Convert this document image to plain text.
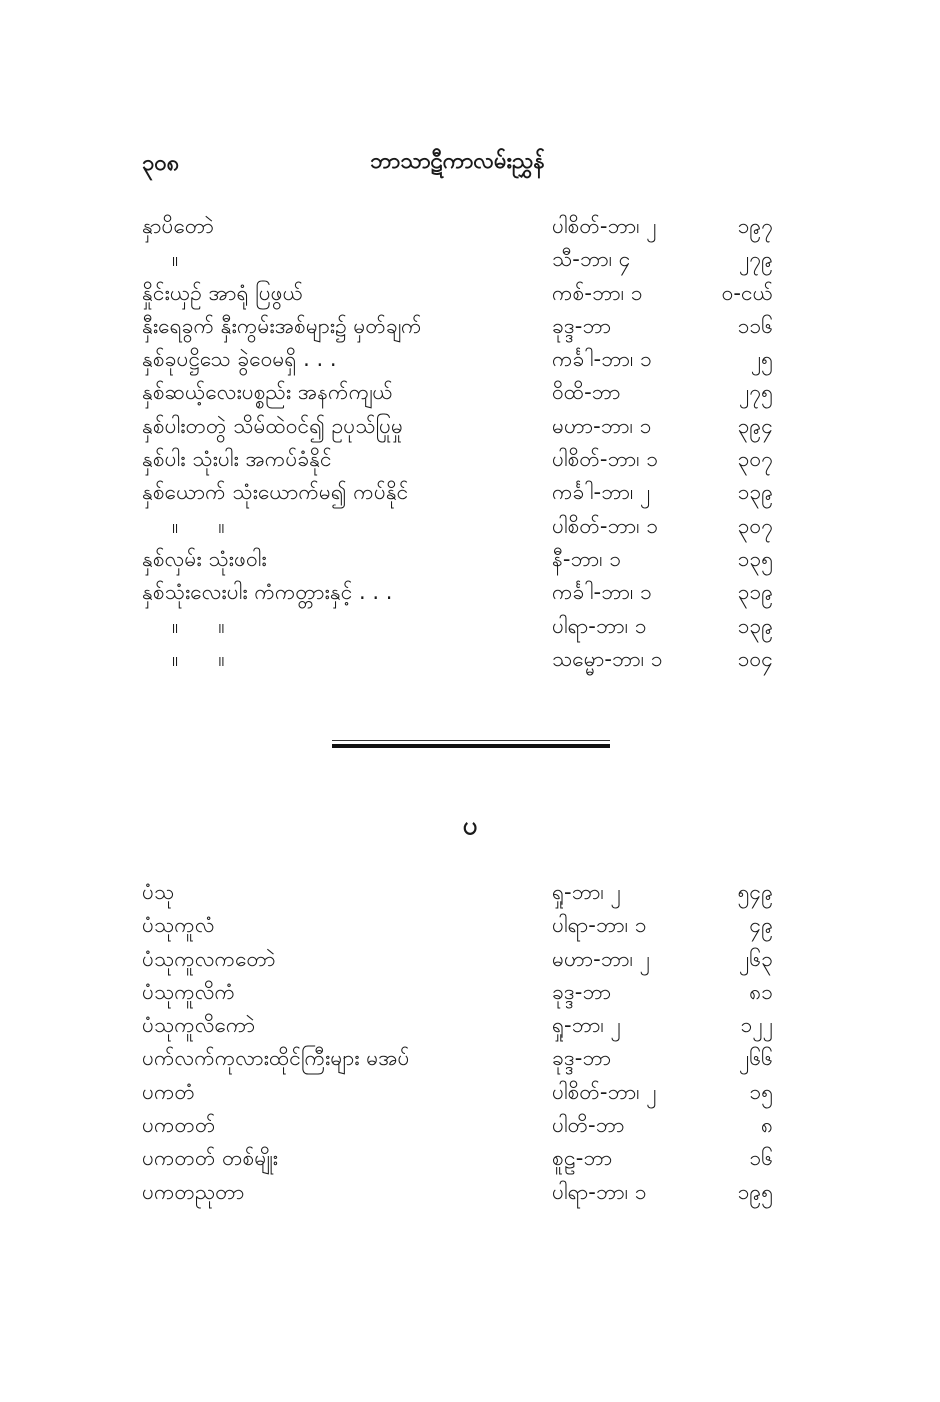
၃၀၈	ဘာသာဋီကာလမ်းညွှန်
နှာပိတောဲ	ပါစိတ်-ဘာ၊ ၂	၁၉၇
။	သီ-ဘာ၊ ၄	၂၇၉
နှိုင်းယှဉ် အာရုံ ပြဖွယ်	ကစ်-ဘာ၊ ၁	၀-ငယ်
နှီးရေခွက် နှီးကွမ်းအစ်များ၌ မှတ်ချက်	ခုဒ္ဒ-ဘာ	၁၁၆
နှစ်ခုပဋ္ဌိသေ ခွဲဝေမရှိ . . .	ကင်္ခါ-ဘာ၊ ၁	၂၅
နှစ်ဆယ့်လေးပစ္စည်း အနက်ကျယ်	ဝိထိ-ဘာ	၂၇၅
နှစ်ပါးတတွဲ သိမ်ထဲဝင်၍ ဥပုသ်ပြုမှု	မဟာ-ဘာ၊ ၁	၃၉၄
နှစ်ပါး သုံးပါး အကပ်ခံနိုင်	ပါစိတ်-ဘာ၊ ၁	၃၀၇
နှစ်ယောက် သုံးယောက်မ၍ ကပ်နိုင်	ကင်္ခါ-ဘာ၊ ၂	၁၃၉
။      ။	ပါစိတ်-ဘာ၊ ၁	၃၀၇
နှစ်လှမ်း သုံးဖဝါး	နီ-ဘာ၊ ၁	၁၃၅
နှစ်သုံးလေးပါး ကံကတ္တားနှင့် . . .	ကင်္ခါ-ဘာ၊ ၁	၃၁၉
။      ။	ပါရာ-ဘာ၊ ၁	၁၃၉
။      ။	သမ္မော-ဘာ၊ ၁	၁၀၄
ပ
ပံသု	ရှု-ဘာ၊ ၂	၅၄၉
ပံသုကူလံ	ပါရာ-ဘာ၊ ၁	၄၉
ပံသုကူလကတောဲ	မဟာ-ဘာ၊ ၂	၂၆၃
ပံသုကူလိကံ	ခုဒ္ဒ-ဘာ	၈၁
ပံသုကူလိကောဲ	ရှု-ဘာ၊ ၂	၁၂၂
ပက်လက်ကုလားထိုင်ကြီးများ မအပ်	ခုဒ္ဒ-ဘာ	၂၆၆
ပကတံ	ပါစိတ်-ဘာ၊ ၂	၁၅
ပကတတ်	ပါတိ-ဘာ	၈
ပကတတ် တစ်မျိုး	စူဠ-ဘာ	၁၆
ပကတညုတာ	ပါရာ-ဘာ၊ ၁	၁၉၅
